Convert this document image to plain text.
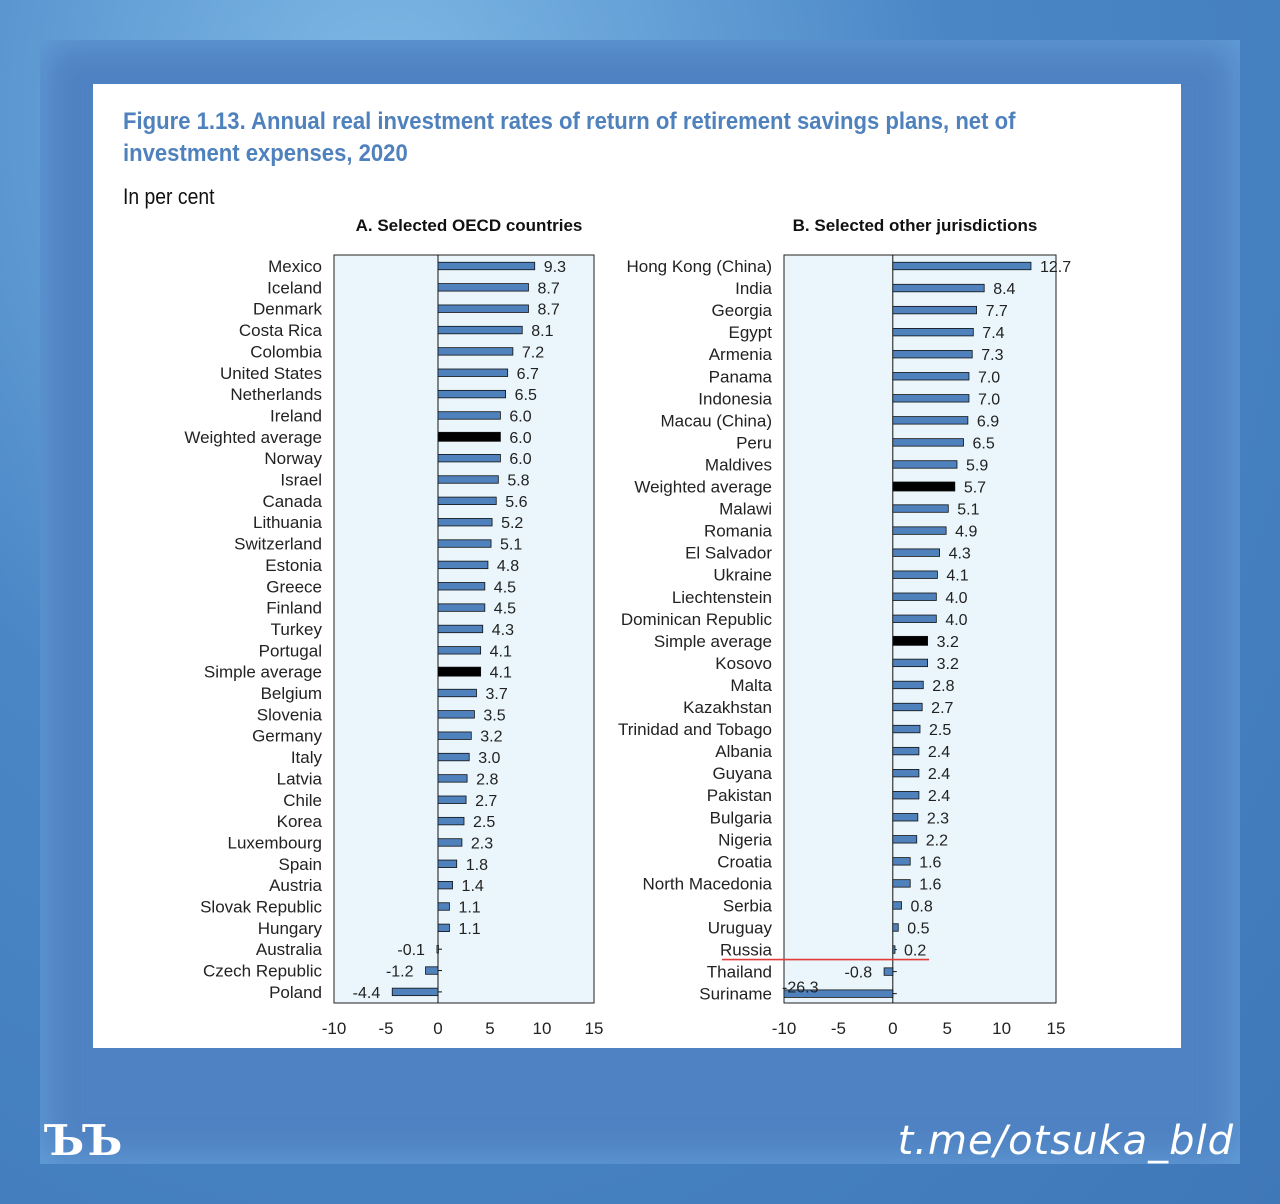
Figure 1.13. Annual real investment rates of return of retirement savings plans, net of investment expenses, 2020
In per cent
A. Selected OECD countries
-10 -5 0	5 10 15
Mexico	9.3
Iceland	8.7
Denmark	8.7
Costa Rica	8.1
Colombia	7.2
United States	6.7
Netherlands	6.5
Ireland	6.0
Weighted average	6.0
Norway	6.0
Israel	5.8
Canada	5.6
Lithuania	5.2
Switzerland	5.1
Estonia	4.8
Greece	4.5
Finland	4.5
Turkey	4.3
Portugal	4.1
Simple average	4.1
Belgium	3.7
Slovenia	3.5
Germany	3.2
Italy	3.0
Latvia	2.8
Chile	2.7
Korea	2.5
Luxembourg	2.3
Spain	1.8
Austria	1.4
Slovak Republic	1.1
Hungary	1.1
Australia	-0.1
Czech Republic	-1.2
Poland -4.4
B. Selected other jurisdictions
-10 -5 0	5 10 15
Hong Kong (China)	12.7
India	8.4
Georgia	7.7
Egypt	7.4
Armenia	7.3
Panama	7.0
Indonesia	7.0
Macau (China)	6.9
Peru	6.5
Maldives	5.9
Weighted average	5.7
Malawi	5.1
Romania	4.9
El Salvador	4.3
Ukraine	4.1
Liechtenstein	4.0
Dominican Republic	4.0
Simple average	3.2
Kosovo	3.2
Malta	2.8
Kazakhstan	2.7
Trinidad and Tobago	2.5
Albania	2.4
Guyana	2.4
Pakistan	2.4
Bulgaria	2.3
Nigeria	2.2
Croatia	1.6
North Macedonia	1.6
Serbia	0.8
Uruguay	0.5
Russia	0.2
Thailand	-0.8
Suriname -26.3
ЪЪ	t.me/otsuka_bld
